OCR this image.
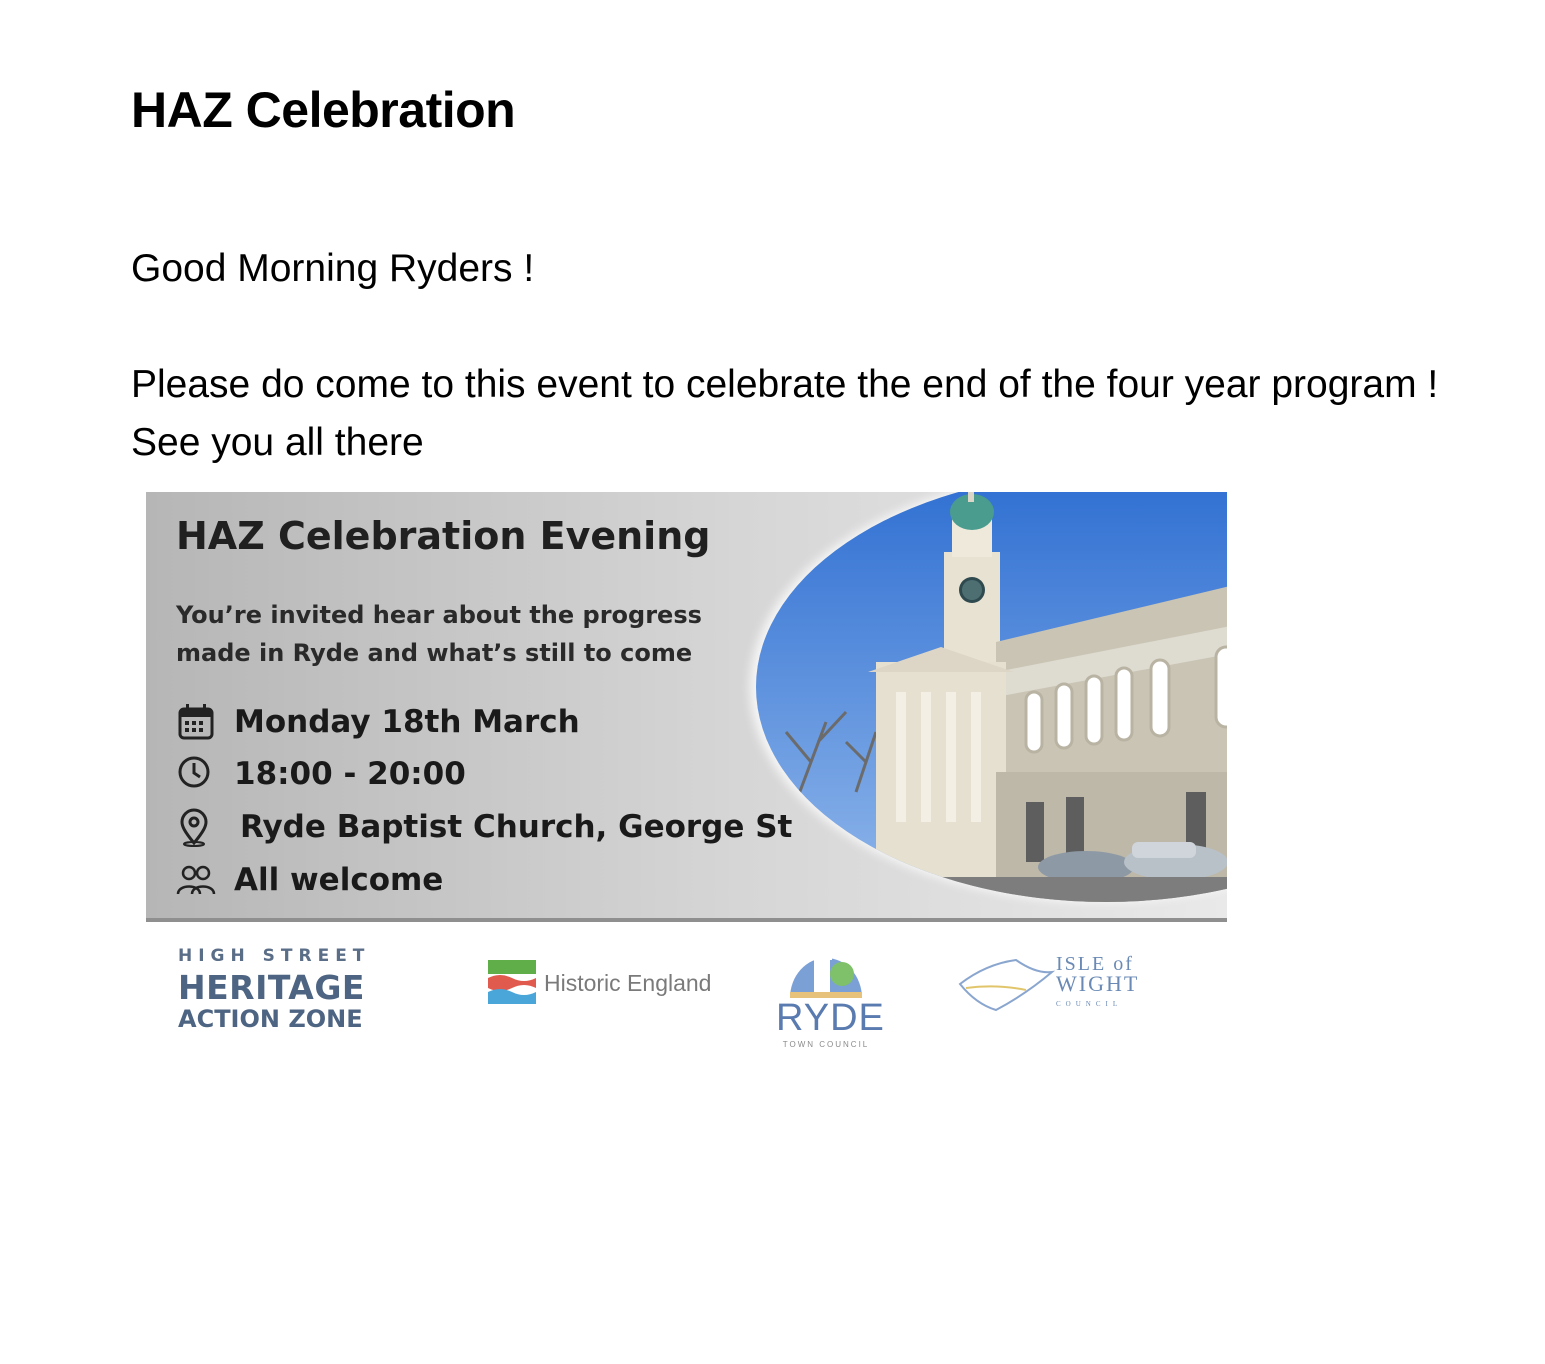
HAZ Celebration

Good Morning Ryders !

Please do come to this event to celebrate the end of the four year program !

See you all there

HAZ Celebration Evening
You’re invited hear about the progress
made in Ryde and what’s still to come
Monday 18th March
18:00 - 20:00
Ryde Baptist Church, George St
All welcome
HIGH STREET
HERITAGE
ACTION ZONE
Historic England
RYDE
TOWN COUNCIL
ISLE of
WIGHT
COUNCIL
